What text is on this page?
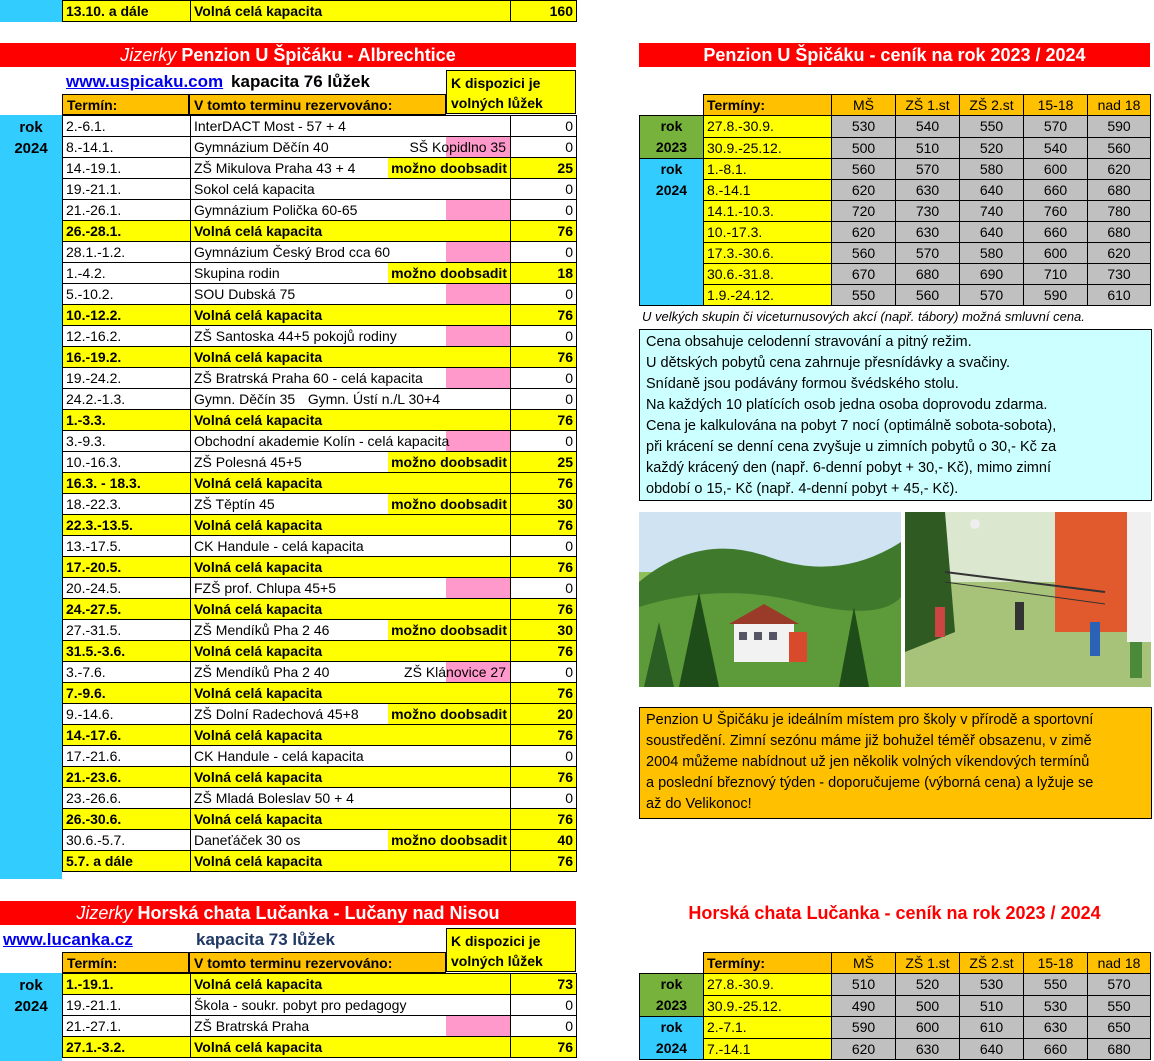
13.10. a dále	Volná celá kapacita	160
Jizerky Penzion U Špičáku - Albrechtice
www.uspicaku.com kapacita 76 lůžek	K dispozici je
volných lůžek
Termín:	V tomto terminu rezervováno:
rok
2024
2.-6.1.	InterDACT Most - 57 + 4	0
8.-14.1.	Gymnázium Děčín 40 SŠ Kopidlno 35	0
14.-19.1.	ZŠ Mikulova Praha 43 + 4 možno doobsadit	25
19.-21.1.	Sokol celá kapacita	0
21.-26.1.	Gymnázium Polička 60-65	0
26.-28.1.	Volná celá kapacita	76
28.1.-1.2.	Gymnázium Český Brod cca 60	0
1.-4.2.	Skupina rodin možno doobsadit	18
5.-10.2.	SOU Dubská 75	0
10.-12.2.	Volná celá kapacita	76
12.-16.2.	ZŠ Santoska 44+5 pokojů rodiny	0
16.-19.2.	Volná celá kapacita	76
19.-24.2.	ZŠ Bratrská Praha 60 - celá kapacita	0
24.2.-1.3.	Gymn. Děčín 35 Gymn. Ústí n./L 30+4	0
1.-3.3.	Volná celá kapacita	76
3.-9.3.	Obchodní akademie Kolín - celá kapacita	0
10.-16.3.	ZŠ Polesná 45+5 možno doobsadit	25
16.3. - 18.3.	Volná celá kapacita	76
18.-22.3.	ZŠ Těptín 45 možno doobsadit	30
22.3.-13.5.	Volná celá kapacita	76
13.-17.5.	CK Handule - celá kapacita	0
17.-20.5.	Volná celá kapacita	76
20.-24.5.	FZŠ prof. Chlupa 45+5	0
24.-27.5.	Volná celá kapacita	76
27.-31.5.	ZŠ Mendíků Pha 2 46 možno doobsadit	30
31.5.-3.6.	Volná celá kapacita	76
3.-7.6.	ZŠ Mendíků Pha 2 40 ZŠ Klánovice 27	0
7.-9.6.	Volná celá kapacita	76
9.-14.6.	ZŠ Dolní Radechová 45+8 možno doobsadit	20
14.-17.6.	Volná celá kapacita	76
17.-21.6.	CK Handule - celá kapacita	0
21.-23.6.	Volná celá kapacita	76
23.-26.6.	ZŠ Mladá Boleslav 50 + 4	0
26.-30.6.	Volná celá kapacita	76
30.6.-5.7.	Daneťáček 30 os možno doobsadit	40
5.7. a dále	Volná celá kapacita	76
Penzion U Špičáku - ceník na rok 2023 / 2024
	Termíny:	MŠ	ZŠ 1.st	ZŠ 2.st	15-18	nad 18

rok
2023	27.8.-30.9.	530	540	550	570	590
	30.9.-25.12.	500	510	520	540	560

rok
2024	1.-8.1.	560	570	580	600	620
	8.-14.1	620	630	640	660	680
	14.1.-10.3.	720	730	740	760	780
	10.-17.3.	620	630	640	660	680
	17.3.-30.6.	560	570	580	600	620
	30.6.-31.8.	670	680	690	710	730
	1.9.-24.12.	550	560	570	590	610
U velkých skupin či viceturnusových akcí (např. tábory) možná smluvní cena.
Cena obsahuje celodenní stravování a pitný režim.
U dětských pobytů cena zahrnuje přesnídávky a svačiny.
Snídaně jsou podávány formou švédského stolu.
Na každých 10 platících osob jedna osoba doprovodu zdarma.
Cena je kalkulována na pobyt 7 nocí (optimálně sobota-sobota),
při krácení se denní cena zvyšuje u zimních pobytů o 30,- Kč za
každý krácený den (např. 6-denní pobyt + 30,- Kč), mimo zimní
období o 15,- Kč (např. 4-denní pobyt + 45,- Kč).
Penzion U Špičáku je ideálním místem pro školy v přírodě a sportovní
soustředění. Zimní sezónu máme již bohužel téměř obsazenu, v zimě
2004 můžeme nabídnout už jen několik volných víkendových termínů
a poslední březnový týden - doporučujeme (výborná cena) a lyžuje se
až do Velikonoc!
Jizerky Horská chata Lučanka - Lučany nad Nisou	Horská chata Lučanka - ceník na rok 2023 / 2024
www.lucanka.cz	kapacita 73 lůžek	K dispozici je
volných lůžek
Termín:	V tomto terminu rezervováno:
rok
2024
1.-19.1.	Volná celá kapacita	73
19.-21.1.	Škola - soukr. pobyt pro pedagogy	0
21.-27.1.	ZŠ Bratrská Praha	0
27.1.-3.2.	Volná celá kapacita	76
	Termíny:	MŠ	ZŠ 1.st	ZŠ 2.st	15-18	nad 18

rok
2023	27.8.-30.9.	510	520	530	550	570
	30.9.-25.12.	490	500	510	530	550

rok
2024	2.-7.1.	590	600	610	630	650
	7.-14.1	620	630	640	660	680
